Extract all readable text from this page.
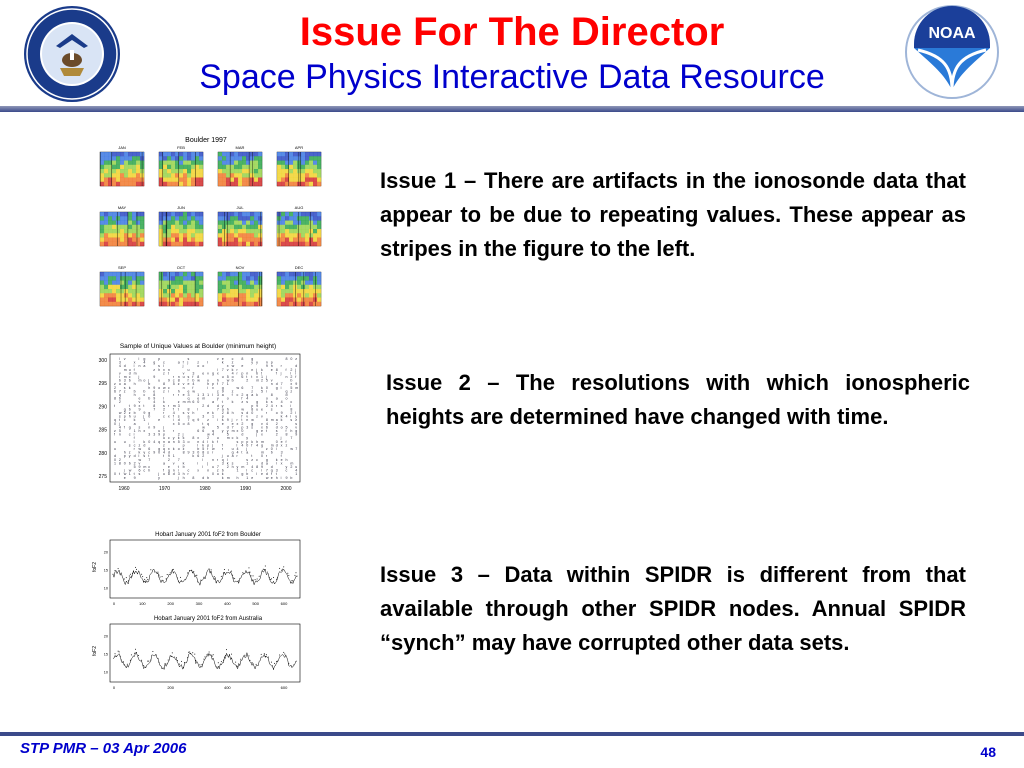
NOAA
Issue For The Director
Space Physics Interactive Data Resource
Boulder 1997
JAN	FEB	MAR	APR
MAY	JUN	JUL	AUG
SEP	OCT	NOV	DEC
Sample of Unique Values at Boulder (minimum height)
300
295
290
285
280
275
1960	1970	1980	1990	2000
l v	l g	p	s	v e c 8 g	8 0 z
3	x 4 g c	a f j z l	k z	y y n p
4 d l n a	s l	j	o o	x w e	9 n r	d
m u f	z h x n	u	l 7 v k r	n j k e 8 f 2 j
v d m	z t	v 3 e v g x	4 r p n b t	f j l i
i m c j	9	r n u s f 8	u 5 o 6 t t x 1 j	n 2 f
b 3 b m o j u 9 c 8 f b w y h w b	2 m 2 5 v	b
z u a h	b	8 5 z v e 4	n p f 7 1	n d 7 x 9
2 s k	h 9 o w c	n f	i x g	w 6 7 k 0 g i 5 m
6 7 z b b e z i h e w	c 9 z	z 5 i	g z
q	h c 8	r r e 3 1 3 1 l 3 a f c 2 q a k	8	d
8 b	e b 9 l	q e m	y o	f 4	o a o
2	v	4 k	z m m 6 0	a t k z s g k s 4 c
t	t 9 x t 8 s r m 3	2 d d y	p 9 2 4 r s i
g b 9	7 2 f t 8 l	7 a h	w 8 u e s	8
w 2 z b 9 g	r 4 s v h	e k 2 8 h s d 0	r o 9 2 l
s p h u j 0	c x f s a	3 1 p	f v z v	k 4 i y
q t c k 1	e	i d 7 q 9 z i s 9 j r t n w	8 m a k s z
0 j	a	i	x 5 o 8	t q	e e x 2 g v 4 2	s
4 f g s n 9 j	w	5 d 7 p 3 s x 6 d o 5 v
z 5	1 h x	u x r	6 6 q y y m x 0	g e t s f h g
f n c i	3 3 9 p	2 j	w 4	5	d	j x	2 8 9
f	u c y k k 8 x 2 u m c k y	j 7
u u l k 0 4 q n a n 5 3 o n 4 l k f	s p p k h m	0 e f
s c z d	z	p	l k p j f	l 4 0 f 4 g m d x z
u	r w 6 g q x k o z	b 5 r w r u 4 j	z 0 i	w 7
h z k y c 9 0 4 d	8 9 3 0 8 s r	g 4 t a	m b 3
d p y d l s t	t 9 1	k 6 2	j u a r	t 0 r	f
0 2	w 7	2 7	l n r q l	s z c g k e h
1 8 0 b 2 v	a v k	i j	3 k s	1	d a r x m
5 9 m c	e t b	l u 7 2 h y m 4 8 9 d	y 2 u
j w 6 c h	f g n i c x n z b	1 l c i 7 g 3 c 4
0 t w 1 t s	j u 8 d 3 h r	0 u k	g b l e d r t	1
e 9	y	j h 8 d b	k m h 1 e	w e h i 9 b
Hobart January 2001 foF2 from Boulder
Hobart January 2001 foF2 from Australia
foF2
foF2
10
15
20
0	100	200	300	400	500	600
10
15
20
0	200	400	600
Issue 1 – There are artifacts in the ionosonde data that appear to be due to repeating values. These appear as stripes in the figure to the left.
Issue 2 – The resolutions with which ionospheric heights are determined have changed with time.
Issue 3 – Data within SPIDR is different from that available through other SPIDR nodes. Annual SPIDR “synch” may have corrupted other data sets.
STP PMR – 03 Apr 2006	48
